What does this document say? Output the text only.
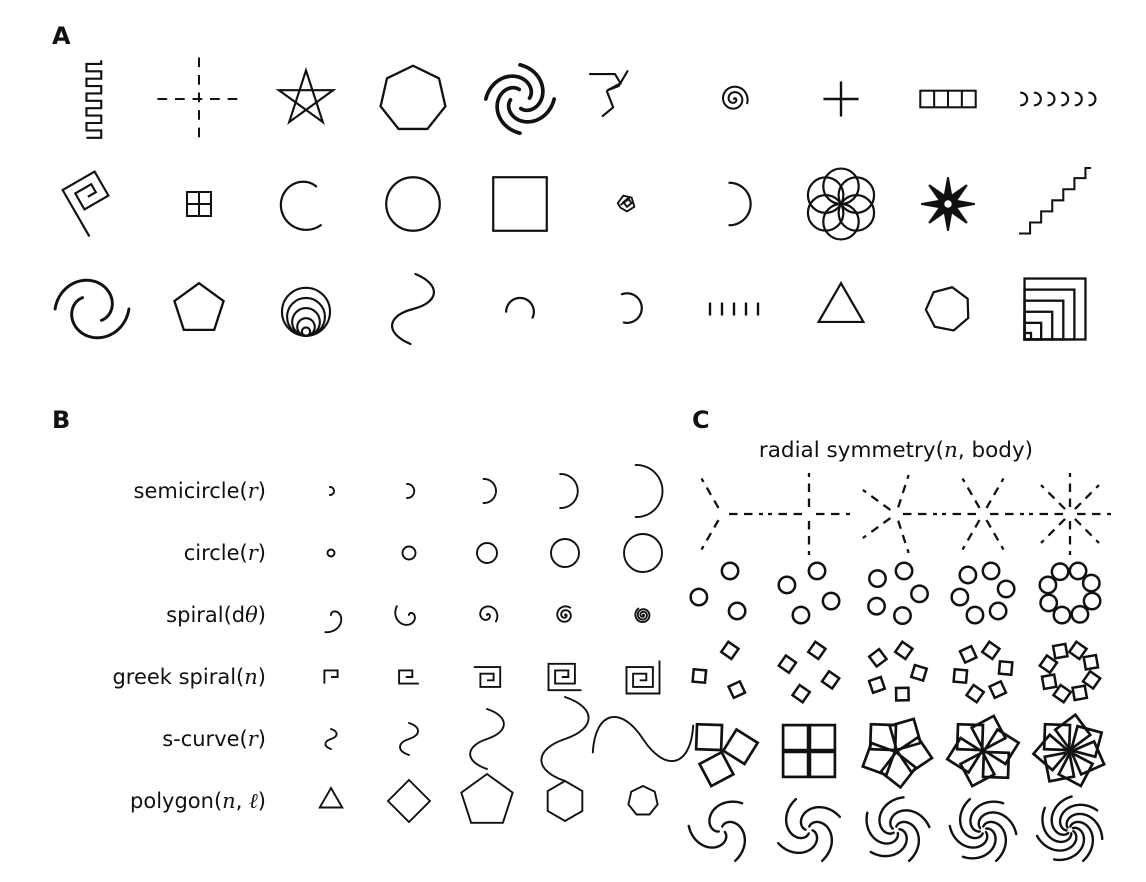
A
B
semicircle(r)
circle(r)
spiral(dθ)
greek spiral(n)
s-curve(r)
polygon(n, ℓ)
C
radial symmetry(n, body)
